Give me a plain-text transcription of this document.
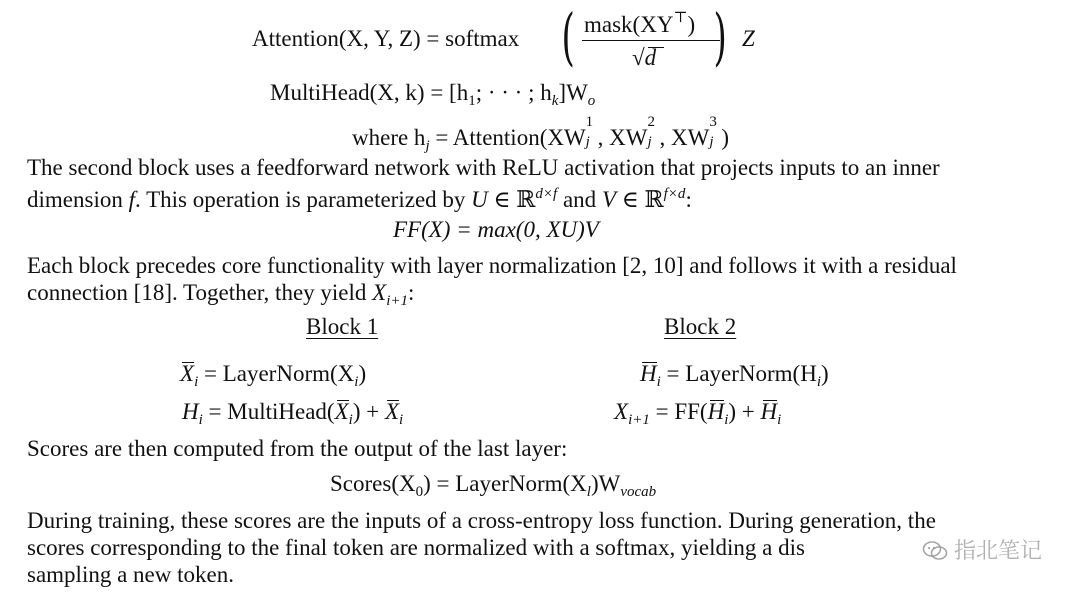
Attention(X, Y, Z) = softmax ( mask(XY⊤)
√d ) Z
MultiHead(X, $k) = [h_1$; · · · ; $h_k]W_o$
where $h_j$ = Attention(XW
1
j , XW
2
j , XW
3
j )
The second block uses a feedforward network with ReLU activation that projects inputs to an inner
dimension f. This operation is parameterized by U ∈ ℝ$^{d\times f}$ and V ∈ ℝ$^{f\times d}$:
FF(X) = max(0, XU)V
Each block precedes core functionality with layer normalization [2, 10] and follows it with a residual
connection [18]. Together, they yield $X_{i+1}$:
Block 1	Block 2
$X_i$ = $LayerNorm(X_i)$
$H_i$ = $MultiHead(X_i) + X_i$
$H_i$ = $LayerNorm(H_i)$
$X_{i+1} = FF(H_i) + H_i$
Scores are then computed from the output of the last layer:
$Scores(X_0)$ = $LayerNorm(X_l)W_{vocab}$
During training, these scores are the inputs of a cross-entropy loss function. During generation, the
scores corresponding to the final token are normalized with a softmax, yielding a dis
sampling a new token.
指北笔记
